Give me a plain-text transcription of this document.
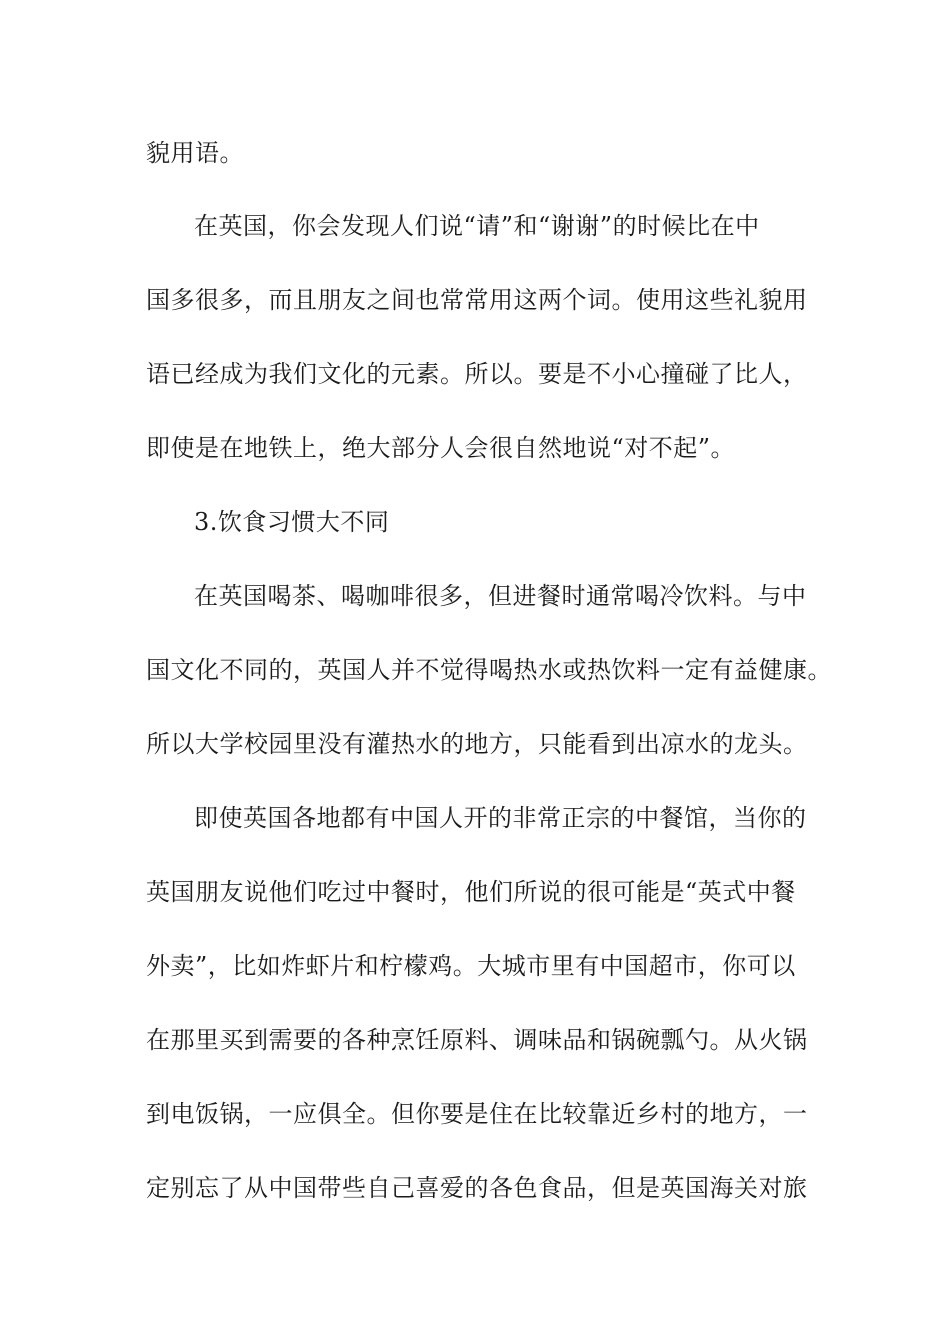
貌用语。
在英国，你会发现人们说“请”和“谢谢”的时候比在中
国多很多，而且朋友之间也常常用这两个词。使用这些礼貌用
语已经成为我们文化的元素。所以。要是不小心撞碰了比人，
即使是在地铁上，绝大部分人会很自然地说“对不起”。
3.饮食习惯大不同
在英国喝茶、喝咖啡很多，但进餐时通常喝冷饮料。与中
国文化不同的，英国人并不觉得喝热水或热饮料一定有益健康。
所以大学校园里没有灌热水的地方，只能看到出凉水的龙头。
即使英国各地都有中国人开的非常正宗的中餐馆，当你的
英国朋友说他们吃过中餐时，他们所说的很可能是“英式中餐
外卖”，比如炸虾片和柠檬鸡。大城市里有中国超市，你可以
在那里买到需要的各种烹饪原料、调味品和锅碗瓢勺。从火锅
到电饭锅，一应俱全。但你要是住在比较靠近乡村的地方，一
定别忘了从中国带些自己喜爱的各色食品，但是英国海关对旅
